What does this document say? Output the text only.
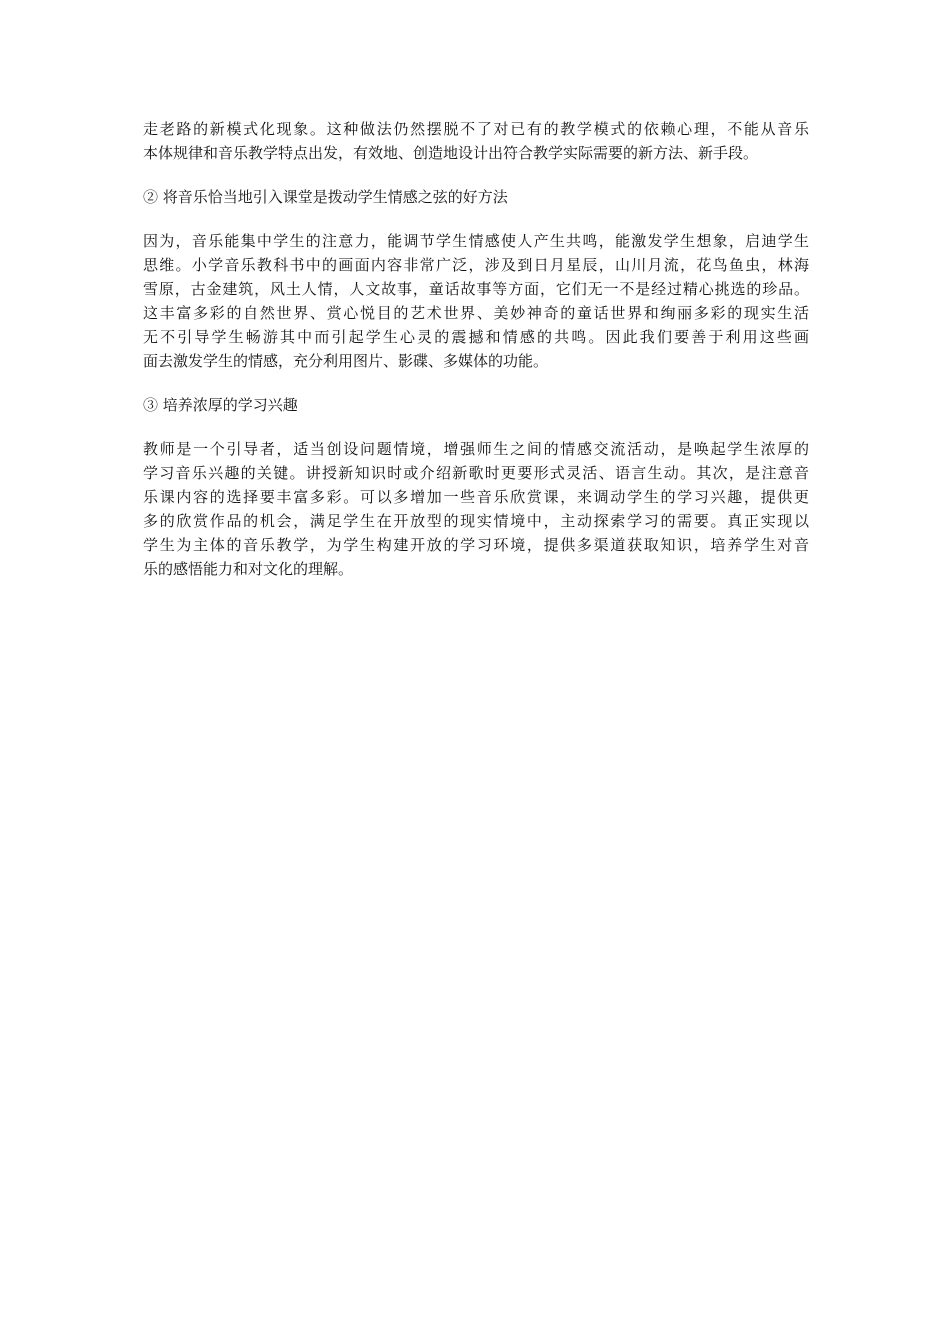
走老路的新模式化现象。这种做法仍然摆脱不了对已有的教学模式的依赖心理，不能从音乐
本体规律和音乐教学特点出发，有效地、创造地设计出符合教学实际需要的新方法、新手段。
② 将音乐恰当地引入课堂是拨动学生情感之弦的好方法
因为，音乐能集中学生的注意力，能调节学生情感使人产生共鸣，能激发学生想象，启迪学生
思维。小学音乐教科书中的画面内容非常广泛，涉及到日月星辰，山川月流，花鸟鱼虫，林海
雪原，古金建筑，风土人情，人文故事，童话故事等方面，它们无一不是经过精心挑选的珍品。
这丰富多彩的自然世界、赏心悦目的艺术世界、美妙神奇的童话世界和绚丽多彩的现实生活
无不引导学生畅游其中而引起学生心灵的震撼和情感的共鸣。因此我们要善于利用这些画
面去激发学生的情感，充分利用图片、影碟、多媒体的功能。
③ 培养浓厚的学习兴趣
教师是一个引导者，适当创设问题情境，增强师生之间的情感交流活动，是唤起学生浓厚的
学习音乐兴趣的关键。讲授新知识时或介绍新歌时更要形式灵活、语言生动。其次，是注意音
乐课内容的选择要丰富多彩。可以多增加一些音乐欣赏课，来调动学生的学习兴趣，提供更
多的欣赏作品的机会，满足学生在开放型的现实情境中，主动探索学习的需要。真正实现以
学生为主体的音乐教学，为学生构建开放的学习环境，提供多渠道获取知识，培养学生对音
乐的感悟能力和对文化的理解。
